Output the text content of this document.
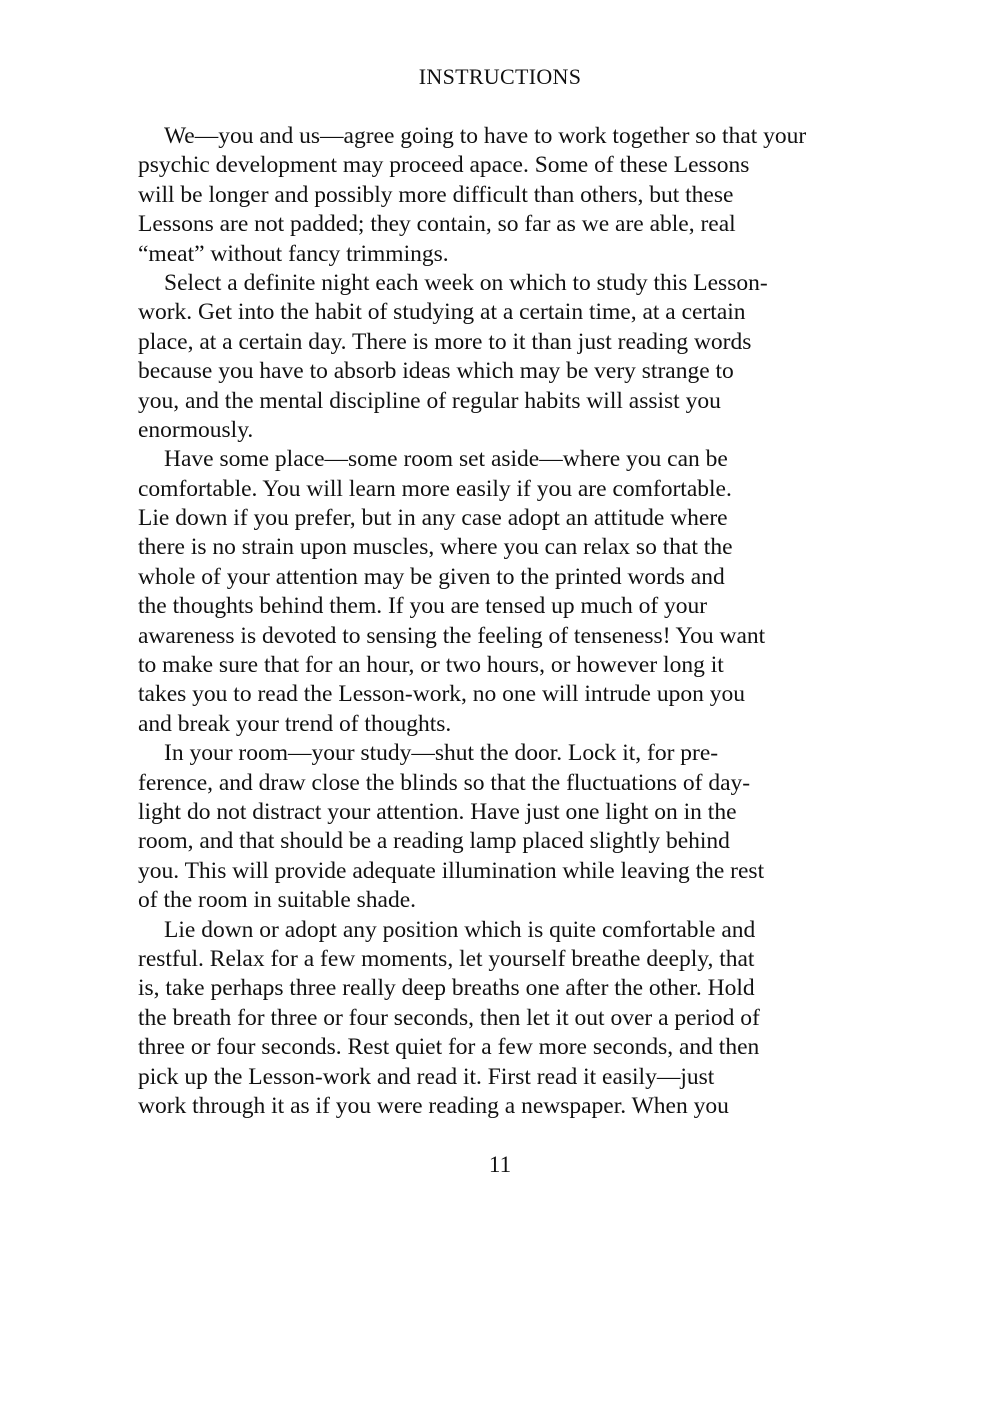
INSTRUCTIONS
We—you and us—agree going to have to work together so that your
psychic development may proceed apace. Some of these Lessons
will be longer and possibly more difficult than others, but these
Lessons are not padded; they contain, so far as we are able, real
“meat” without fancy trimmings.
Select a definite night each week on which to study this Lesson-
work. Get into the habit of studying at a certain time, at a certain
place, at a certain day. There is more to it than just reading words
because you have to absorb ideas which may be very strange to
you, and the mental discipline of regular habits will assist you
enormously.
Have some place—some room set aside—where you can be
comfortable. You will learn more easily if you are comfortable.
Lie down if you prefer, but in any case adopt an attitude where
there is no strain upon muscles, where you can relax so that the
whole of your attention may be given to the printed words and
the thoughts behind them. If you are tensed up much of your
awareness is devoted to sensing the feeling of tenseness! You want
to make sure that for an hour, or two hours, or however long it
takes you to read the Lesson-work, no one will intrude upon you
and break your trend of thoughts.
In your room—your study—shut the door. Lock it, for pre-
ference, and draw close the blinds so that the fluctuations of day-
light do not distract your attention. Have just one light on in the
room, and that should be a reading lamp placed slightly behind
you. This will provide adequate illumination while leaving the rest
of the room in suitable shade.
Lie down or adopt any position which is quite comfortable and
restful. Relax for a few moments, let yourself breathe deeply, that
is, take perhaps three really deep breaths one after the other. Hold
the breath for three or four seconds, then let it out over a period of
three or four seconds. Rest quiet for a few more seconds, and then
pick up the Lesson-work and read it. First read it easily—just
work through it as if you were reading a newspaper. When you
11
